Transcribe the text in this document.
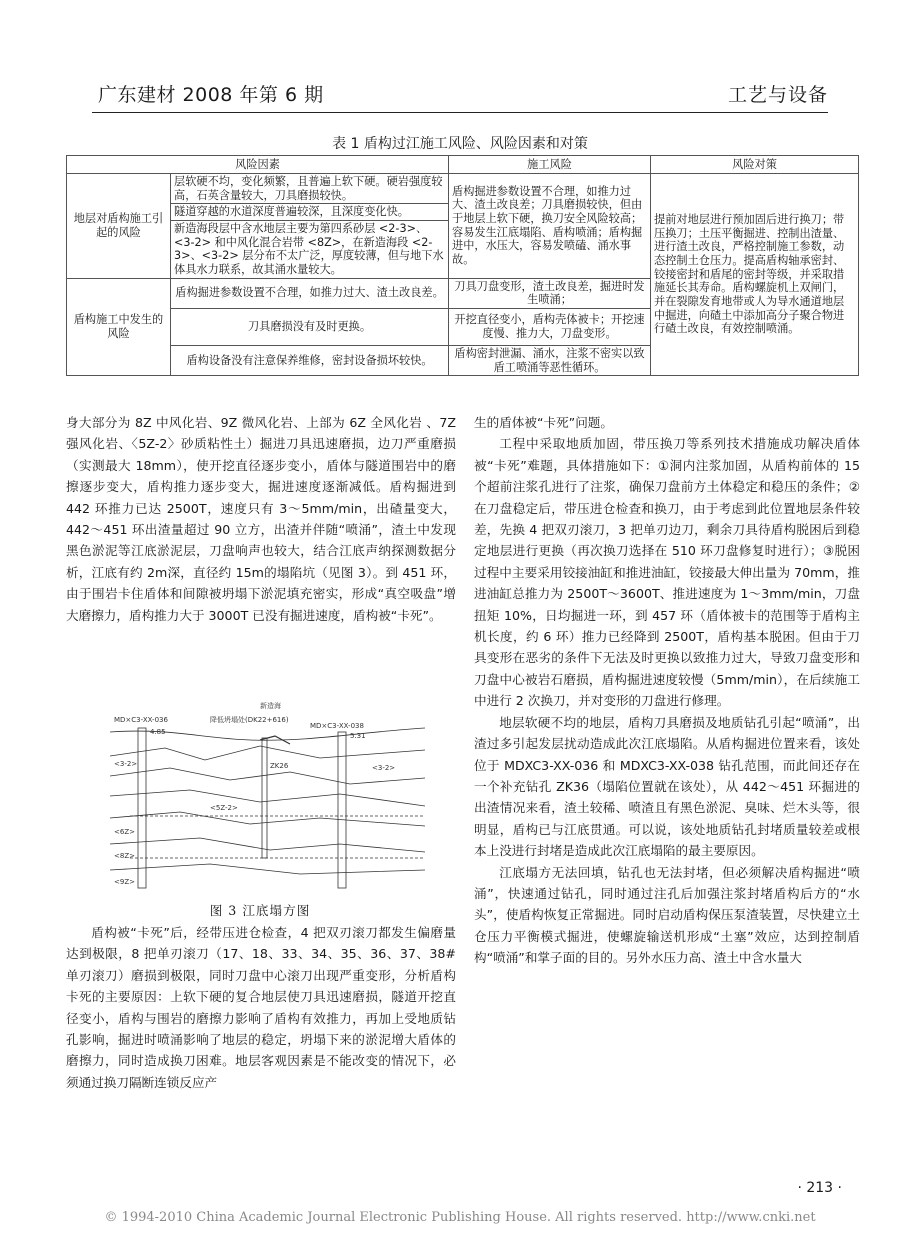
广东建材 2008 年第 6 期	工艺与设备
表 1 盾构过江施工风险、风险因素和对策
风险因素		施工风险	风险对策
地层对盾构施工引起的风险	层软硬不均，变化频繁，且普遍上软下硬。硬岩强度较高，石英含量较大，刀具磨损较快。	盾构掘进参数设置不合理，如推力过大、渣土改良差；刀具磨损较快，但由于地层上软下硬，换刀安全风险较高；容易发生江底塌陷、盾构喷涌；盾构掘进中，水压大，容易发喷磕、涌水事故。	提前对地层进行预加固后进行换刀；带压换刀；土压平衡掘进、控制出渣量、进行渣土改良，严格控制施工参数，动态控制土仓压力。提高盾构轴承密封、铰接密封和盾尾的密封等级，并采取措施延长其寿命。盾构螺旋机上双闸门，并在裂隙发育地带或人为导水通道地层中掘进，向碴土中添加高分子聚合物进行碴土改良，有效控制喷涌。
	隧道穿越的水道深度普遍较深，且深度变化快。		
	新造海段层中含水地层主要为第四系砂层 <2-3>、<3-2> 和中风化混合岩带 <8Z>，在新造海段 <2-3>、<3-2> 层分布不太广泛，厚度较薄，但与地下水体具水力联系，故其涌水量较大。		
盾构施工中发生的风险	盾构掘进参数设置不合理，如推力过大、渣土改良差。	刀具刀盘变形，渣土改良差，掘进时发生喷涌；	
	刀具磨损没有及时更换。	开挖直径变小，盾构壳体被卡；开挖速度慢、推力大，刀盘变形。	
	盾构设备没有注意保养维修，密封设备损坏较快。	盾构密封泄漏、涌水，注浆不密实以致盾工喷涌等恶性循环。	

身大部分为 8Z 中风化岩、9Z 微风化岩、上部为 6Z 全风化岩 、7Z 强风化岩、〈5Z-2〉砂质粘性土）掘进刀具迅速磨损，边刀严重磨损（实测最大 18mm），使开挖直径逐步变小，盾体与隧道围岩中的磨擦逐步变大，盾构推力逐步变大，掘进速度逐渐减低。盾构掘进到 442 环推力已达 2500T，速度只有 3～5mm/min，出碴量变大，442～451 环出渣量超过 90 立方，出渣并伴随“喷涌”，渣土中发现黑色淤泥等江底淤泥层，刀盘响声也较大，结合江底声纳探测数据分析，江底有约 2m深，直径约 15m的塌陷坑（见图 3）。到 451 环，由于围岩卡住盾体和间隙被坍塌下淤泥填充密实，形成“真空吸盘”增大磨擦力，盾构推力大于 3000T 已没有掘进速度，盾构被“卡死”。

新造海
MD×C3-XX-036	降低坍塌处(DK22+616)
MD×C3-XX-038
4.85	5.31
<3-2>	<3-2>
ZK26
<5Z-2>
<6Z>
<8Z>
<9Z>
图 3 江底塌方图

盾构被“卡死”后，经带压进仓检查，4 把双刃滚刀都发生偏磨量达到极限，8 把单刃滚刀（17、18、33、34、35、36、37、38# 单刃滚刀）磨损到极限，同时刀盘中心滚刀出现严重变形，分析盾构卡死的主要原因：上软下硬的复合地层使刀具迅速磨损，隧道开挖直径变小，盾构与围岩的磨擦力影响了盾构有效推力，再加上受地质钻孔影响，掘进时喷涌影响了地层的稳定，坍塌下来的淤泥增大盾体的磨擦力，同时造成换刀困难。地层客观因素是不能改变的情况下，必须通过换刀隔断连锁反应产

生的盾体被“卡死”问题。

工程中采取地质加固，带压换刀等系列技术措施成功解决盾体被“卡死”难题，具体措施如下：①洞内注浆加固，从盾构前体的 15 个超前注浆孔进行了注浆，确保刀盘前方土体稳定和稳压的条件；②在刀盘稳定后，带压进仓检查和换刀，由于考虑到此位置地层条件较差，先换 4 把双刃滚刀，3 把单刃边刀，剩余刀具待盾构脱困后到稳定地层进行更换（再次换刀选择在 510 环刀盘修复时进行）；③脱困过程中主要采用铰接油缸和推进油缸，铰接最大伸出量为 70mm，推进油缸总推力为 2500T～3600T、推进速度为 1～3mm/min，刀盘扭矩 10%，日均掘进一环，到 457 环（盾体被卡的范围等于盾构主机长度，约 6 环）推力已经降到 2500T，盾构基本脱困。但由于刀具变形在恶劣的条件下无法及时更换以致推力过大，导致刀盘变形和刀盘中心被岩石磨损，盾构掘进速度较慢（5mm/min），在后续施工中进行 2 次换刀，并对变形的刀盘进行修理。

地层软硬不均的地层，盾构刀具磨损及地质钻孔引起“喷涌”，出渣过多引起发层扰动造成此次江底塌陷。从盾构掘进位置来看，该处位于 MDXC3-XX-036 和 MDXC3-XX-038 钻孔范围，而此间还存在一个补充钻孔 ZK36（塌陷位置就在该处），从 442～451 环掘进的出渣情况来看，渣土较稀、喷渣且有黑色淤泥、臭味、烂木头等，很明显，盾构已与江底贯通。可以说，该处地质钻孔封堵质量较差或根本上没进行封堵是造成此次江底塌陷的最主要原因。

江底塌方无法回填，钻孔也无法封堵，但必须解决盾构掘进“喷涌”，快速通过钻孔，同时通过注孔后加强注浆封堵盾构后方的“水头”，使盾构恢复正常掘进。同时启动盾构保压泵渣装置，尽快建立土仓压力平衡模式掘进，使螺旋输送机形成“土塞”效应，达到控制盾构“喷涌”和掌子面的目的。另外水压力高、渣土中含水量大

· 213 ·
© 1994-2010 China Academic Journal Electronic Publishing House. All rights reserved. http://www.cnki.net
